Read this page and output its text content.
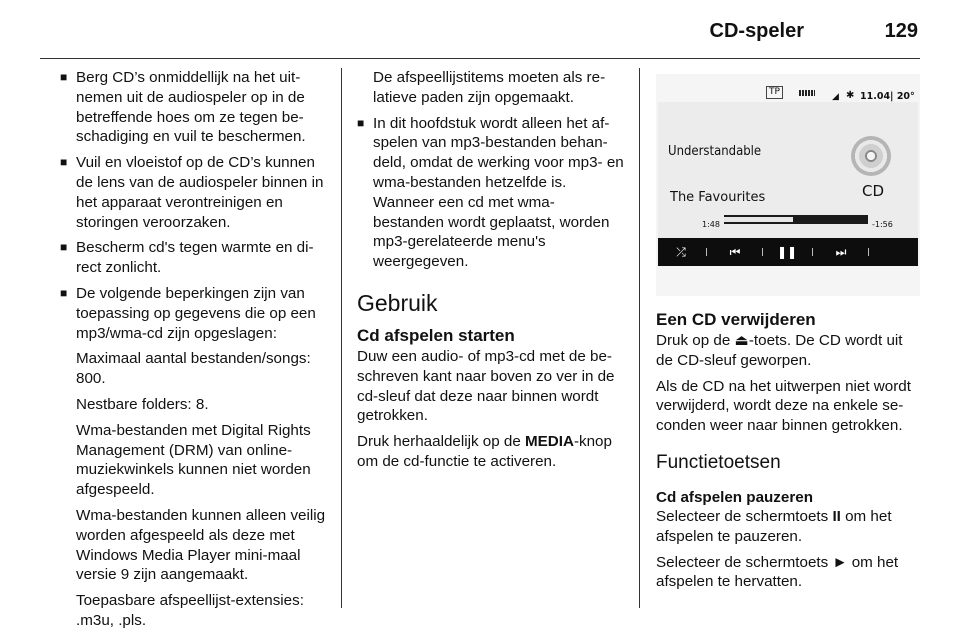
CD-speler	129
■ Berg CD’s onmiddellijk na het uit-nemen uit de audiospeler op in de betreffende hoes om ze tegen be-schadiging en vuil te beschermen.
■ Vuil en vloeistof op de CD’s kunnen de lens van de audiospeler binnen in het apparaat verontreinigen en storingen veroorzaken.
■ Bescherm cd's tegen warmte en di-rect zonlicht.
■ De volgende beperkingen zijn van toepassing op gegevens die op een mp3/wma-cd zijn opgeslagen:
Maximaal aantal bestanden/songs: 800.
Nestbare folders: 8.
Wma-bestanden met Digital Rights Management (DRM) van online-muziekwinkels kunnen niet worden afgespeeld.
Wma-bestanden kunnen alleen veilig worden afgespeeld als deze met Windows Media Player mini-maal versie 9 zijn aangemaakt.
Toepasbare afspeellijst-extensies: .m3u, .pls.
De afspeellijstitems moeten als re-latieve paden zijn opgemaakt.
■ In dit hoofdstuk wordt alleen het af-spelen van mp3-bestanden behan-deld, omdat de werking voor mp3- en wma-bestanden hetzelfde is. Wanneer een cd met wma-bestanden wordt geplaatst, worden mp3-gerelateerde menu's weergegeven.
Gebruik
Cd afspelen starten

Duw een audio- of mp3-cd met de be-schreven kant naar boven zo ver in de cd-sleuf dat deze naar binnen wordt getrokken.

Druk herhaaldelijk op de MEDIA-knop om de cd-functie te activeren.

TP	◢ ✱ 11.04| 20°
Understandable
The Favourites	CD
1:48	-1:56
⤮	⏮	❚❚	⏭
Een CD verwijderen

Druk op de ⏏-toets. De CD wordt uit de CD-sleuf geworpen.

Als de CD na het uitwerpen niet wordt verwijderd, wordt deze na enkele se-conden weer naar binnen getrokken.

Functietoetsen
Cd afspelen pauzeren

Selecteer de schermtoets II om het afspelen te pauzeren.

Selecteer de schermtoets ► om het afspelen te hervatten.
